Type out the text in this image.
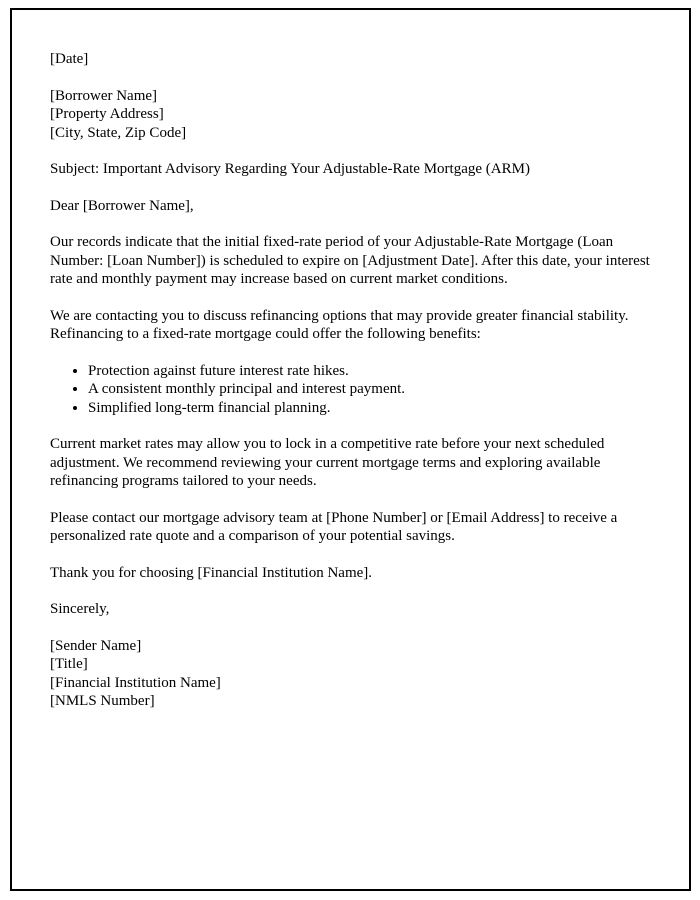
[Date]

[Borrower Name]

[Property Address]

[City, State, Zip Code]

Subject: Important Advisory Regarding Your Adjustable-Rate Mortgage (ARM)

Dear [Borrower Name],

Our records indicate that the initial fixed-rate period of your Adjustable-Rate Mortgage (Loan Number: [Loan Number]) is scheduled to expire on [Adjustment Date]. After this date, your interest rate and monthly payment may increase based on current market conditions.

We are contacting you to discuss refinancing options that may provide greater financial stability. Refinancing to a fixed-rate mortgage could offer the following benefits:

• Protection against future interest rate hikes.
• A consistent monthly principal and interest payment.
• Simplified long-term financial planning.

Current market rates may allow you to lock in a competitive rate before your next scheduled adjustment. We recommend reviewing your current mortgage terms and exploring available refinancing programs tailored to your needs.

Please contact our mortgage advisory team at [Phone Number] or [Email Address] to receive a personalized rate quote and a comparison of your potential savings.

Thank you for choosing [Financial Institution Name].

Sincerely,

[Sender Name]

[Title]

[Financial Institution Name]

[NMLS Number]
